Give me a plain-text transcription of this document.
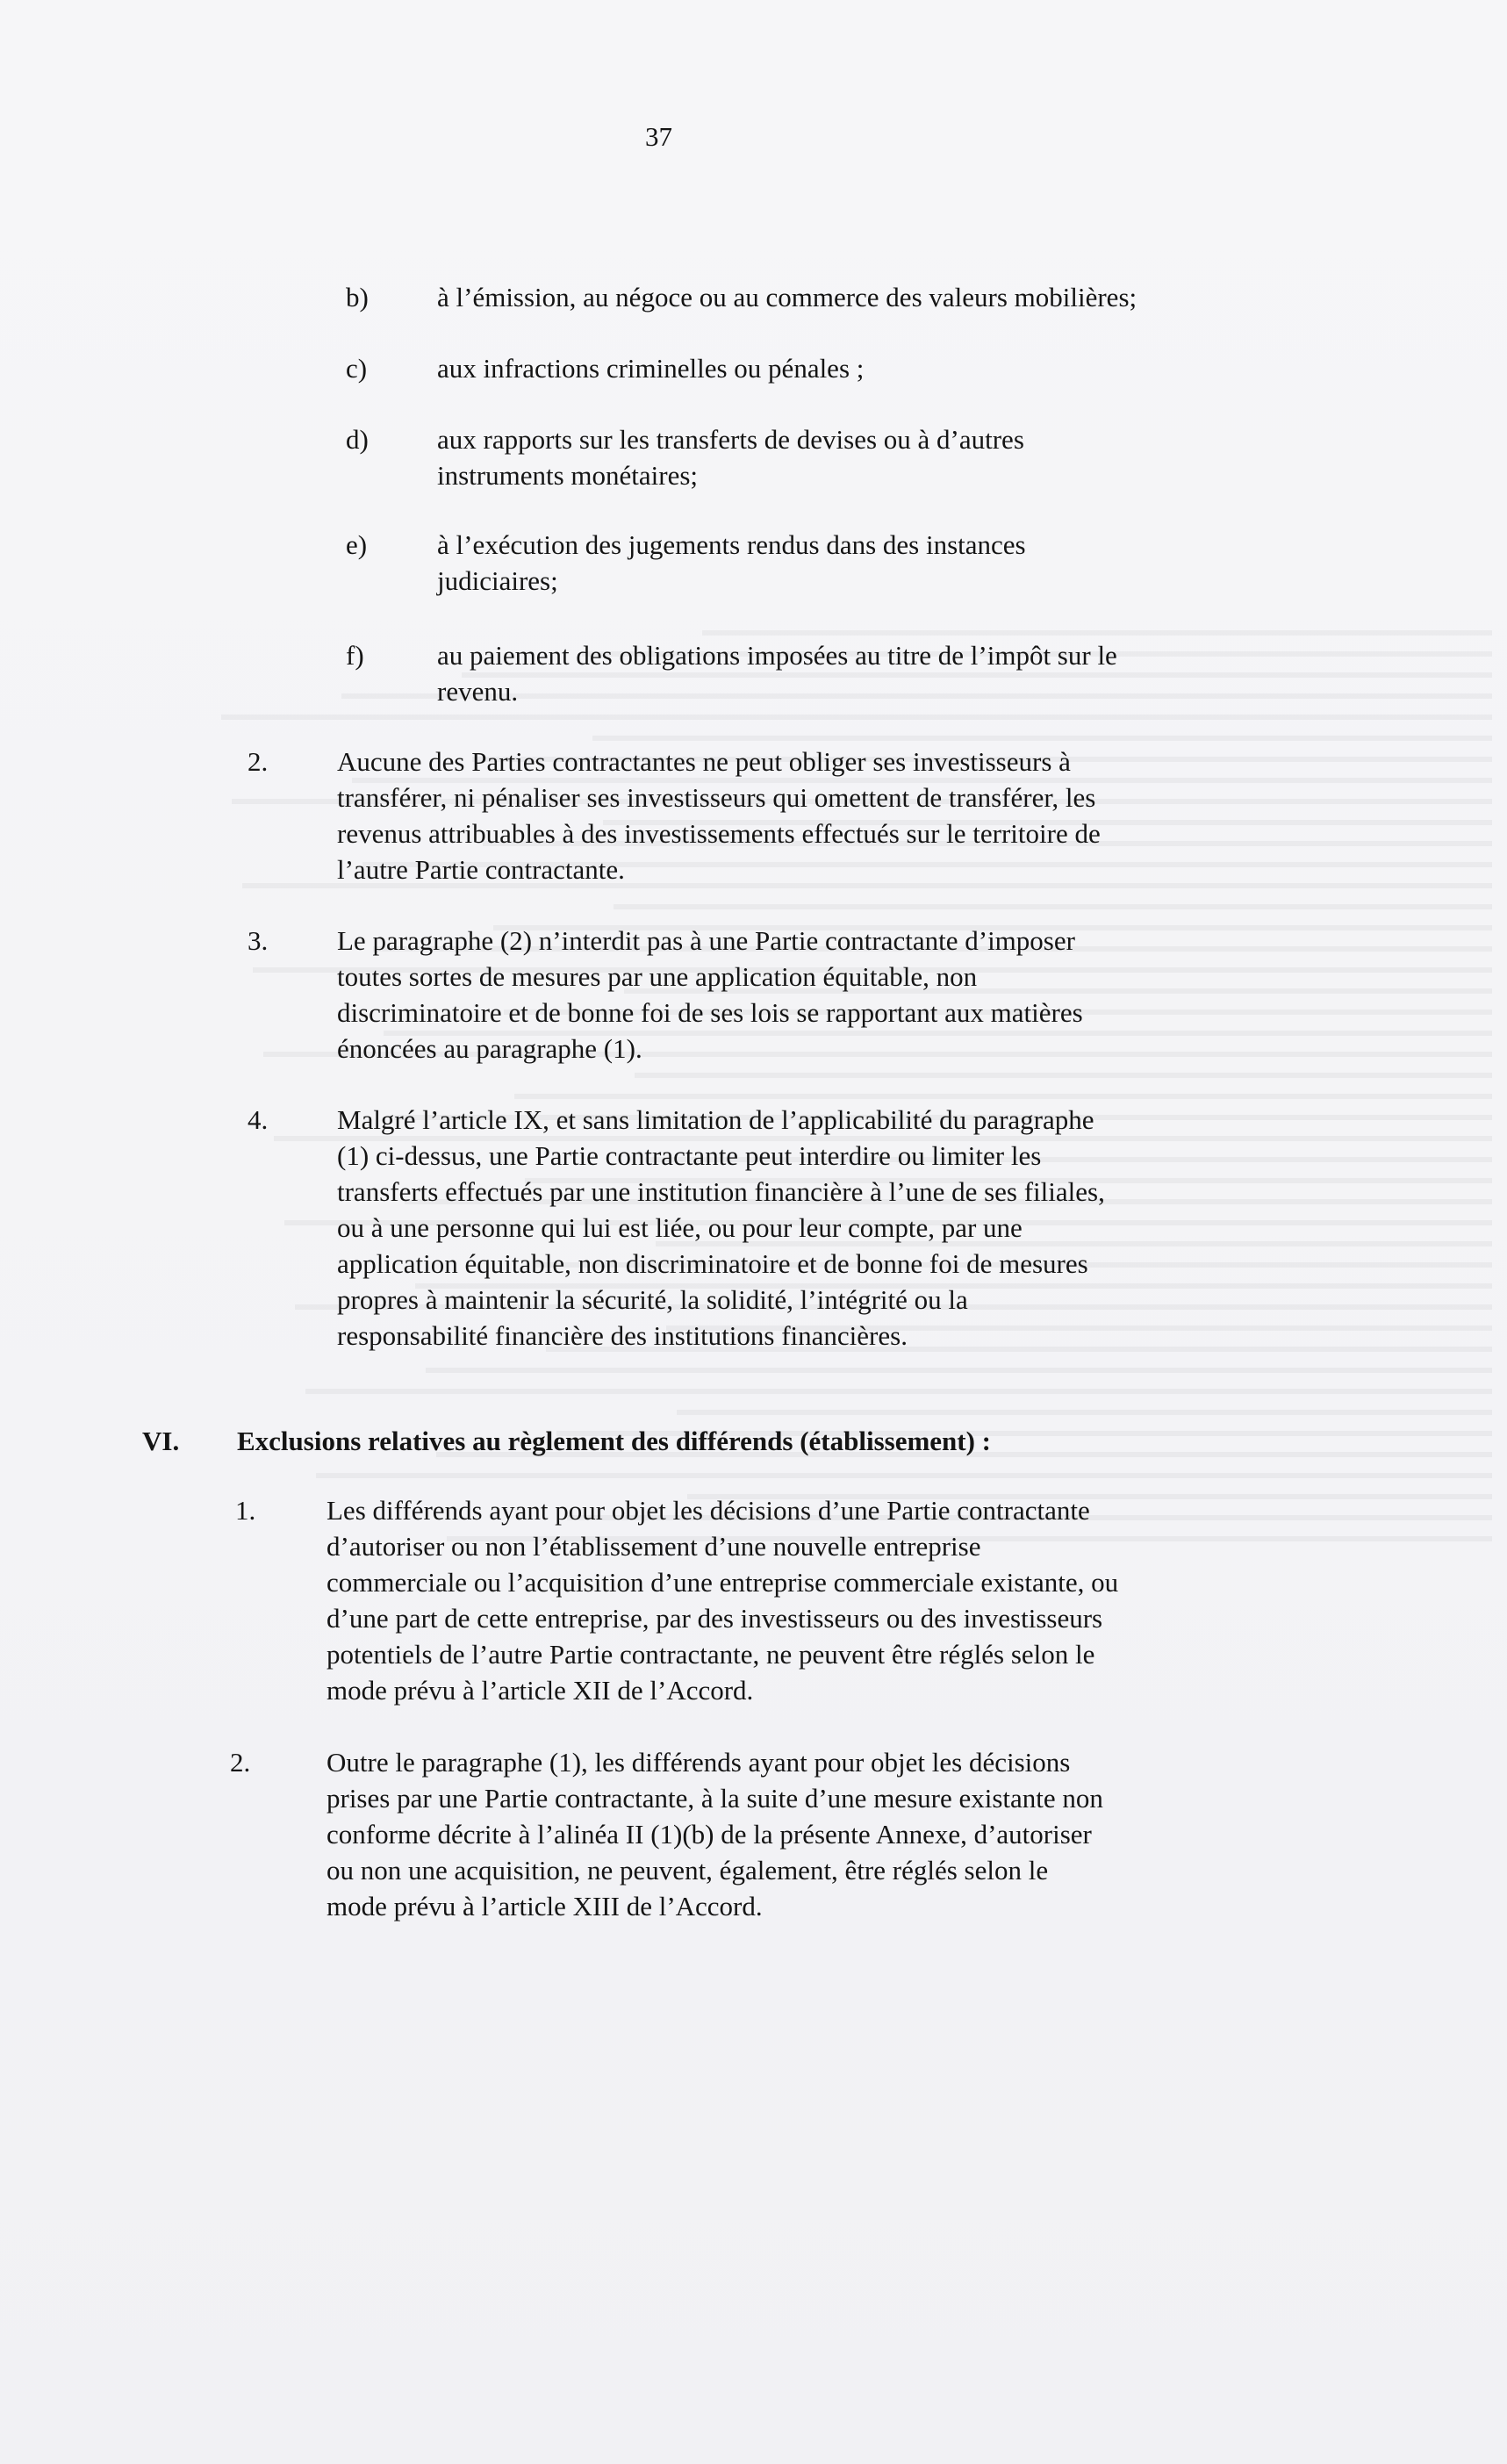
37
b)	à l’émission, au négoce ou au commerce des valeurs mobilières;
c)	aux infractions criminelles ou pénales ;
d)	aux rapports sur les transferts de devises ou à d’autres
instruments monétaires;
e)	à l’exécution des jugements rendus dans des instances
judiciaires;
f)	au paiement des obligations imposées au titre de l’impôt sur le
revenu.
2.	Aucune des Parties contractantes ne peut obliger ses investisseurs à
transférer, ni pénaliser ses investisseurs qui omettent de transférer, les
revenus attribuables à des investissements effectués sur le territoire de
l’autre Partie contractante.
3.	Le paragraphe (2) n’interdit pas à une Partie contractante d’imposer
toutes sortes de mesures par une application équitable, non
discriminatoire et de bonne foi de ses lois se rapportant aux matières
énoncées au paragraphe (1).
4.	Malgré l’article IX, et sans limitation de l’applicabilité du paragraphe
(1) ci-dessus, une Partie contractante peut interdire ou limiter les
transferts effectués par une institution financière à l’une de ses filiales,
ou à une personne qui lui est liée, ou pour leur compte, par une
application équitable, non discriminatoire et de bonne foi de mesures
propres à maintenir la sécurité, la solidité, l’intégrité ou la
responsabilité financière des institutions financières.
VI. Exclusions relatives au règlement des différends (établissement) :
1.	Les différends ayant pour objet les décisions d’une Partie contractante
d’autoriser ou non l’établissement d’une nouvelle entreprise
commerciale ou l’acquisition d’une entreprise commerciale existante, ou
d’une part de cette entreprise, par des investisseurs ou des investisseurs
potentiels de l’autre Partie contractante, ne peuvent être réglés selon le
mode prévu à l’article XII de l’Accord.
2.	Outre le paragraphe (1), les différends ayant pour objet les décisions
prises par une Partie contractante, à la suite d’une mesure existante non
conforme décrite à l’alinéa II (1)(b) de la présente Annexe, d’autoriser
ou non une acquisition, ne peuvent, également, être réglés selon le
mode prévu à l’article XIII de l’Accord.
